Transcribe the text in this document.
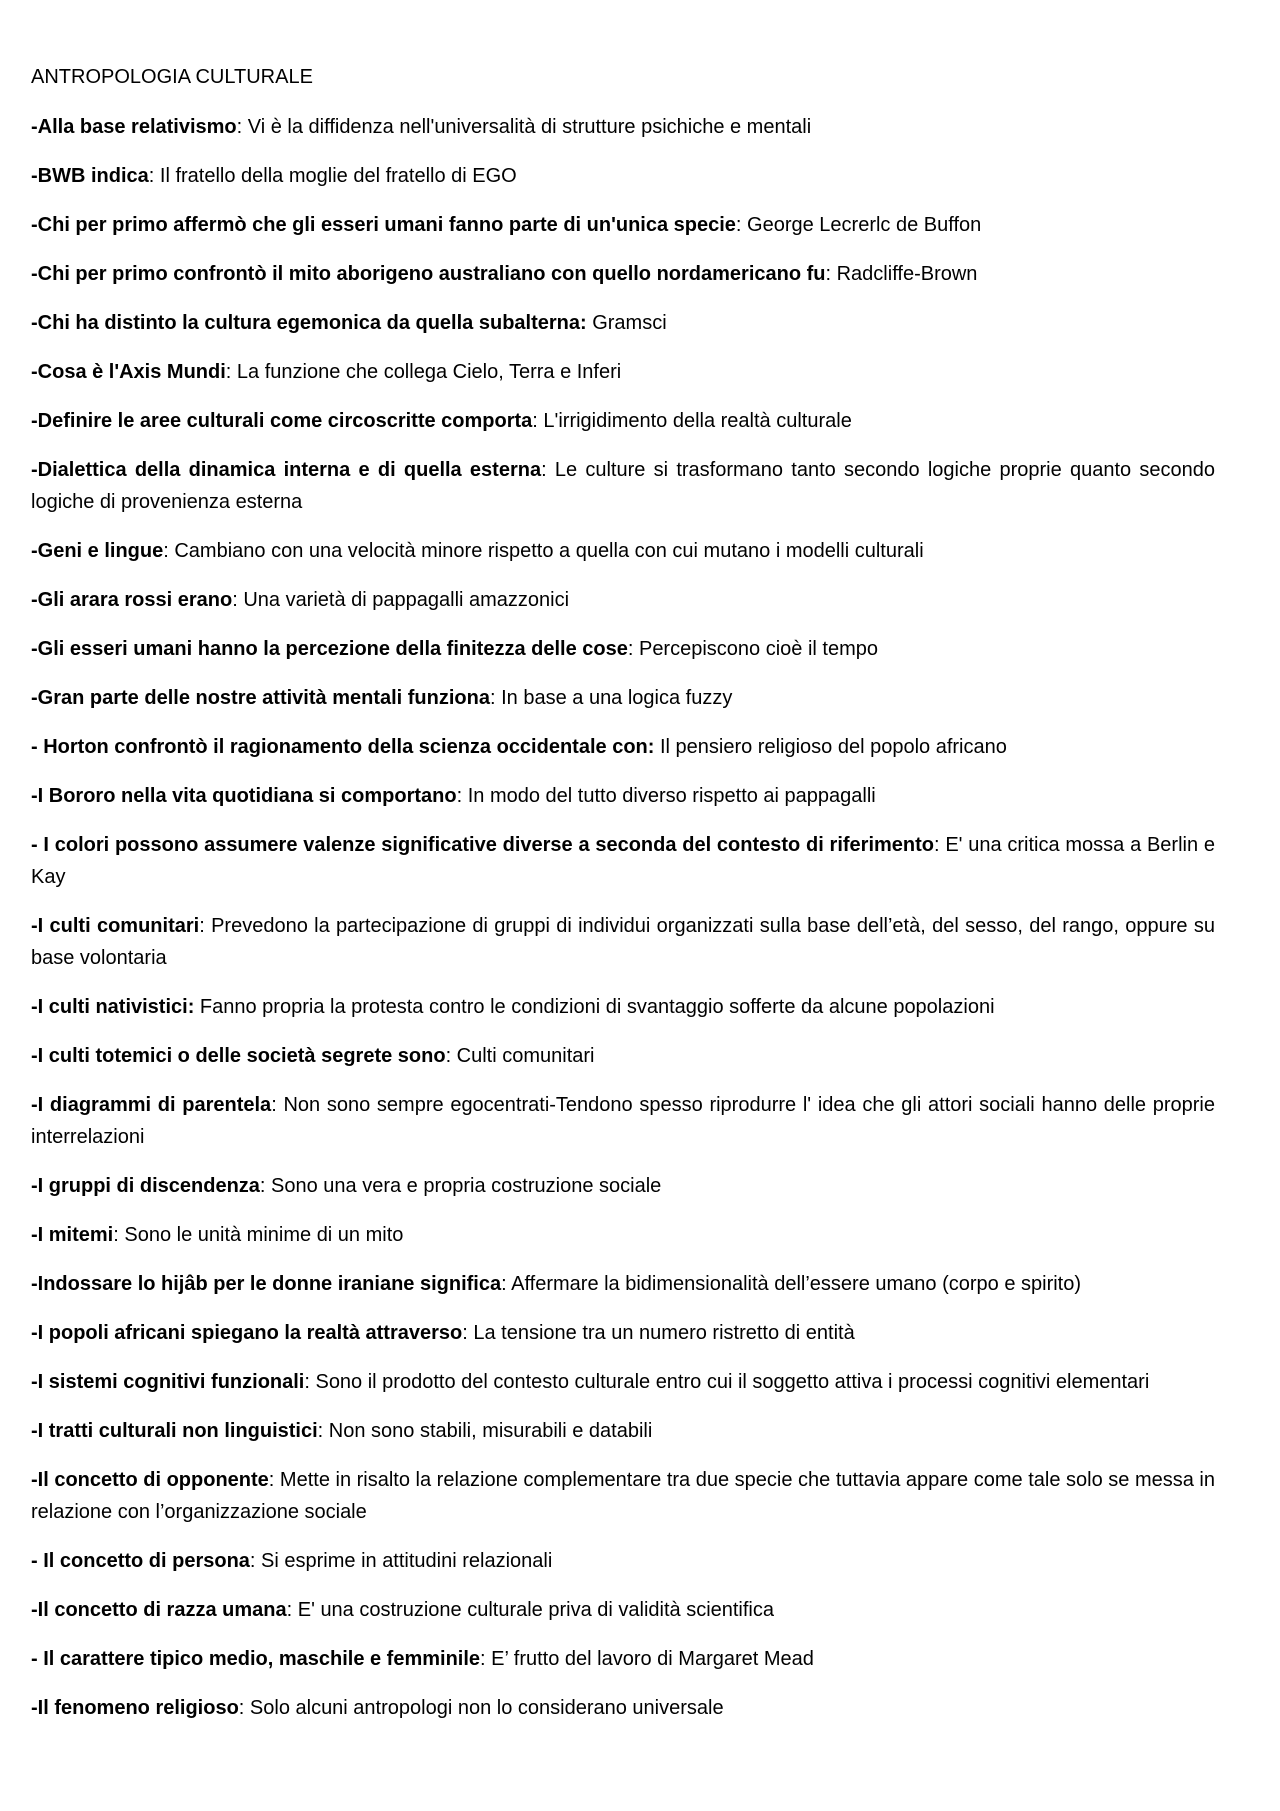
ANTROPOLOGIA CULTURALE
-Alla base relativismo: Vi è la diffidenza nell'universalità di strutture psichiche e mentali
-BWB indica: Il fratello della moglie del fratello di EGO
-Chi per primo affermò che gli esseri umani fanno parte di un'unica specie: George Lecrerlc de Buffon
-Chi per primo confrontò il mito aborigeno australiano con quello nordamericano fu: Radcliffe-Brown
-Chi ha distinto la cultura egemonica da quella subalterna: Gramsci
-Cosa è l'Axis Mundi: La funzione che collega Cielo, Terra e Inferi
-Definire le aree culturali come circoscritte comporta: L'irrigidimento della realtà culturale
-Dialettica della dinamica interna e di quella esterna: Le culture si trasformano tanto secondo logiche proprie quanto secondo logiche di provenienza esterna
-Geni e lingue: Cambiano con una velocità minore rispetto a quella con cui mutano i modelli culturali
-Gli arara rossi erano: Una varietà di pappagalli amazzonici
-Gli esseri umani hanno la percezione della finitezza delle cose: Percepiscono cioè il tempo
-Gran parte delle nostre attività mentali funziona: In base a una logica fuzzy
- Horton confrontò il ragionamento della scienza occidentale con: Il pensiero religioso del popolo africano
-I Bororo nella vita quotidiana si comportano: In modo del tutto diverso rispetto ai pappagalli
- I colori possono assumere valenze significative diverse a seconda del contesto di riferimento: E' una critica mossa a Berlin e Kay
-I culti comunitari: Prevedono la partecipazione di gruppi di individui organizzati sulla base dell’età, del sesso, del rango, oppure su base volontaria
-I culti nativistici: Fanno propria la protesta contro le condizioni di svantaggio sofferte da alcune popolazioni
-I culti totemici o delle società segrete sono: Culti comunitari
-I diagrammi di parentela: Non sono sempre egocentrati-Tendono spesso riprodurre l' idea che gli attori sociali hanno delle proprie interrelazioni
-I gruppi di discendenza: Sono una vera e propria costruzione sociale
-I mitemi: Sono le unità minime di un mito
-Indossare lo hijâb per le donne iraniane significa: Affermare la bidimensionalità dell’essere umano (corpo e spirito)
-I popoli africani spiegano la realtà attraverso: La tensione tra un numero ristretto di entità
-I sistemi cognitivi funzionali: Sono il prodotto del contesto culturale entro cui il soggetto attiva i processi cognitivi elementari
-I tratti culturali non linguistici: Non sono stabili, misurabili e databili
-Il concetto di opponente: Mette in risalto la relazione complementare tra due specie che tuttavia appare come tale solo se messa in relazione con l’organizzazione sociale
- Il concetto di persona: Si esprime in attitudini relazionali
-Il concetto di razza umana: E' una costruzione culturale priva di validità scientifica
- Il carattere tipico medio, maschile e femminile: E’ frutto del lavoro di Margaret Mead
-Il fenomeno religioso: Solo alcuni antropologi non lo considerano universale
